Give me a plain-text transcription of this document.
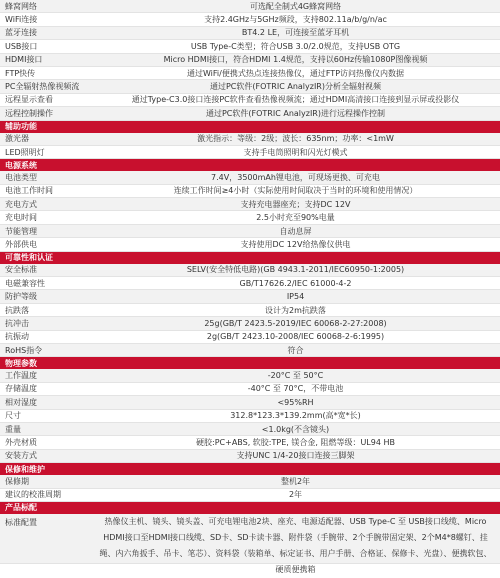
蜂窝网络	可选配全制式4G蜂窝网络
WiFi连接	支持2.4GHz与5GHz频段，支持802.11a/b/g/n/ac
蓝牙连接	BT4.2 LE，可连接至蓝牙耳机
USB接口	USB Type-C类型；符合USB 3.0/2.0规范，支持USB OTG
HDMI接口	Micro HDMI接口，符合HDMI 1.4规范，支持以60Hz传输1080P图像视频
FTP快传	通过WiFi/便携式热点连接热像仪，通过FTP访问热像仪内数据
PC全辐射热像视频流	通过PC软件(FOTRIC AnalyzIR)分析全辐射视频
远程显示查看	通过Type-C3.0接口连接PC软件查看热像视频流；通过HDMI高清接口连接到显示屏或投影仪
远程控制操作	通过PC软件(FOTRIC AnalyzIR)进行远程操作控制
辅助功能
激光器	激光指示：等级：2级；波长：635nm；功率：<1mW
LED照明灯	支持手电筒照明和闪光灯模式
电源系统
电池类型	7.4V，3500mAh锂电池，可现场更换、可充电
电池工作时间	连续工作时间≥4小时（实际使用时间取决于当时的环境和使用情况）
充电方式	支持充电器座充；支持DC 12V
充电时间	2.5小时充至90%电量
节能管理	自动息屏
外部供电	支持使用DC 12V给热像仪供电
可靠性和认证
安全标准	SELV(安全特低电路)(GB 4943.1-2011/IEC60950-1:2005)
电磁兼容性	GB/T17626.2/IEC 61000-4-2
防护等级	IP54
抗跌落	设计为2m抗跌落
抗冲击	25g(GB/T 2423.5-2019/IEC 60068-2-27:2008)
抗振动	2g(GB/T 2423.10-2008/IEC 60068-2-6:1995)
RoHS指令	符合
物理参数
工作温度	-20°C 至 50°C
存储温度	-40°C 至 70°C，不带电池
相对湿度	<95%RH
尺寸	312.8*123.3*139.2mm(高*宽*长)
重量	<1.0kg(不含镜头)
外壳材质	硬胶:PC+ABS, 软胶:TPE, 镁合金, 阻燃等级：UL94 HB
安装方式	支持UNC 1/4-20接口连接三脚架
保修和维护
保修期	整机2年
建议的校准周期	2年
产品标配
标准配置	热像仪主机、镜头、镜头盖、可充电锂电池2块、座充、电源适配器、USB Type-C 至 USB接口线缆、Micro HDMI接口至HDMI接口线缆、SD卡、SD卡读卡器、附件袋（手腕带、2个手腕带固定架、2个M4*8螺钉、挂绳、内六角扳手、吊卡、笔芯）、资料袋（装箱单、标定证书、用户手册、合格证、保修卡、光盘）、便携软包、硬质便携箱
